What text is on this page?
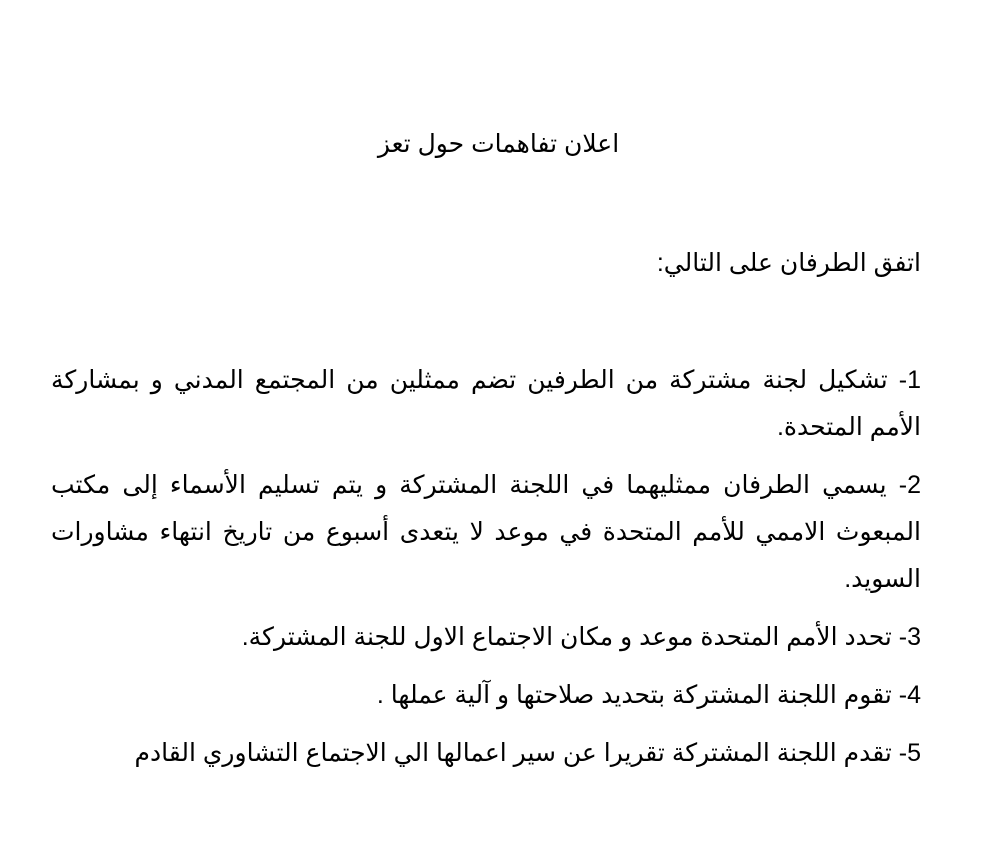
اعلان تفاهمات حول تعز

اتفق الطرفان على التالي:

1- تشكيل لجنة مشتركة من الطرفين تضم ممثلين من المجتمع المدني و بمشاركة الأمم المتحدة.
2- يسمي الطرفان ممثليهما في اللجنة المشتركة و يتم تسليم الأسماء إلى مكتب المبعوث الاممي للأمم المتحدة في موعد لا يتعدى أسبوع من تاريخ انتهاء مشاورات السويد.
3- تحدد الأمم المتحدة موعد و مكان الاجتماع الاول للجنة المشتركة.
4- تقوم اللجنة المشتركة بتحديد صلاحتها و آلية عملها .
5- تقدم اللجنة المشتركة تقريرا عن سير اعمالها الي الاجتماع التشاوري القادم
